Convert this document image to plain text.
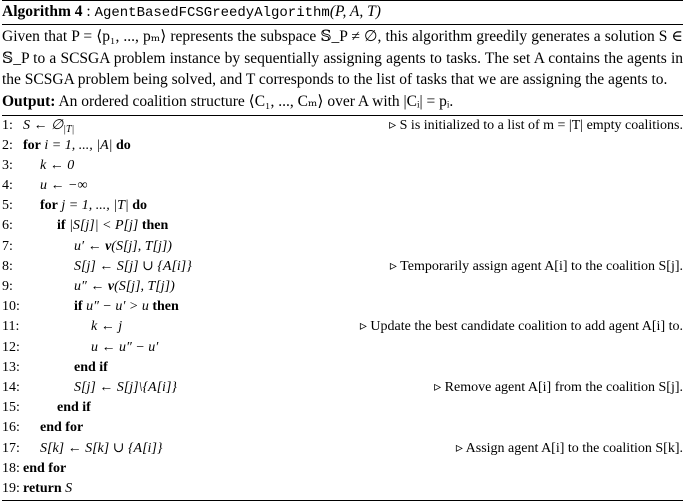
Algorithm 4 : AgentBasedFCSGreedyAlgorithm(P, A, T)
Given that P = ⟨p₁, ..., pₘ⟩ represents the subspace 𝕊_P ≠ ∅, this algorithm greedily generates a solution S ∈ 𝕊_P to a SCSGA problem instance by sequentially assigning agents to tasks. The set A contains the agents in the SCSGA problem being solved, and T corresponds to the list of tasks that we are assigning the agents to.
Output: An ordered coalition structure ⟨C₁, ..., Cₘ⟩ over A with |Cᵢ| = pᵢ.
1: S ← $\emptyset_{|T|}$	▹ S is initialized to a list of m = |T| empty coalitions.
2: for i = 1, ..., |A| do
3: k ← 0
4: u ← −∞
5: for j = 1, ..., |T| do
6:	if |S[j]| < P[j] then
7:	u′ ← v(S[j], T[j])
8:	S[j] ← S[j] ∪ {A[i]}	▹ Temporarily assign agent A[i] to the coalition S[j].
9:	u″ ← v(S[j], T[j])
10:	if u″ − u′ > u then
11:	k ← j	▹ Update the best candidate coalition to add agent A[i] to.
12:	u ← u″ − u′
13:	end if
14:	S[j] ← S[j]\{A[i]}	▹ Remove agent A[i] from the coalition S[j].
15:	end if
16: end for
17: S[k] ← S[k] ∪ {A[i]}	▹ Assign agent A[i] to the coalition S[k].
18: end for
19: return S
